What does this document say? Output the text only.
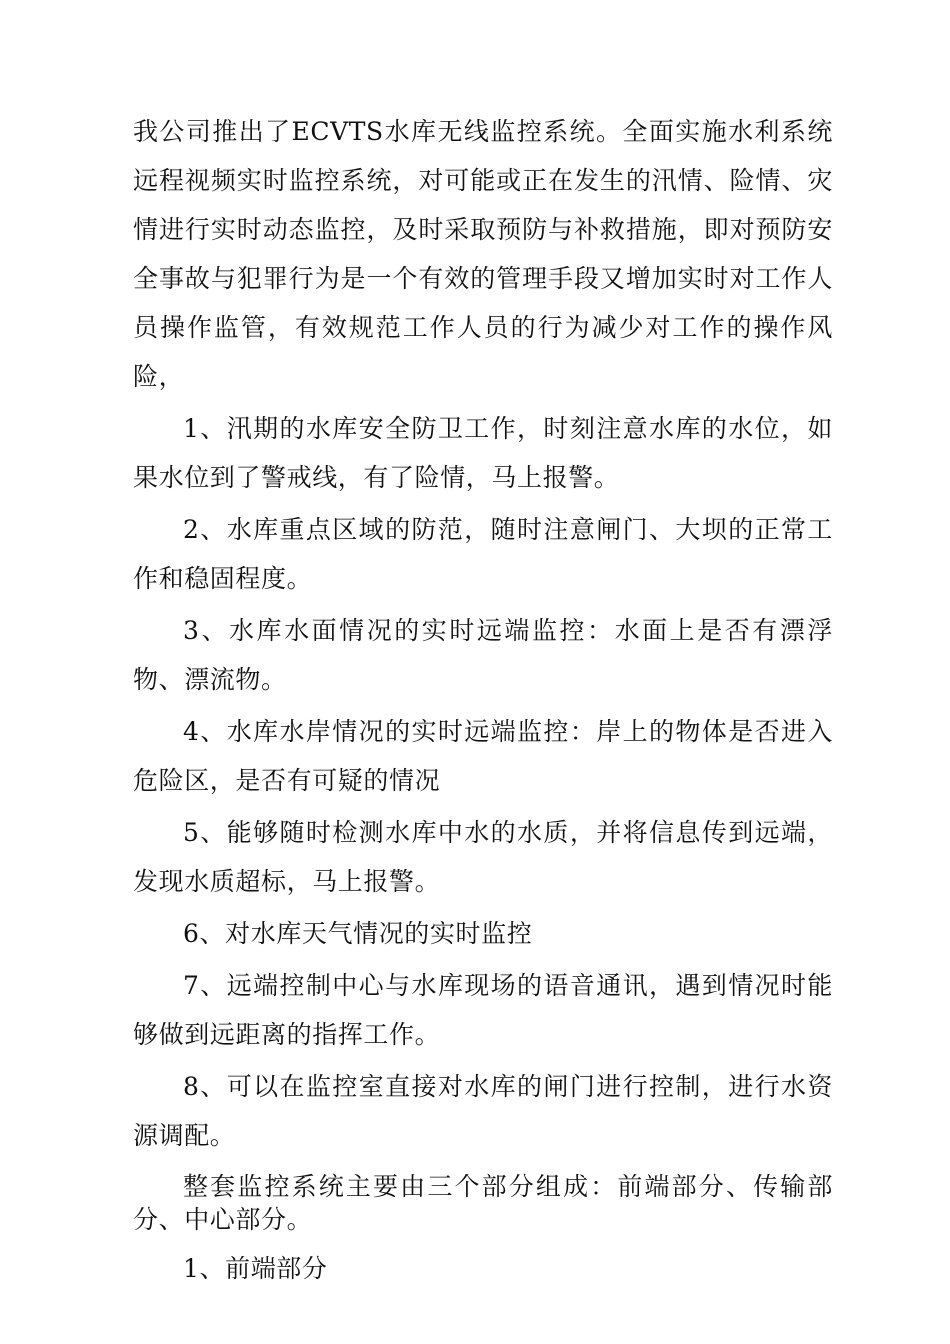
我公司推出了ECVTS水库无线监控系统。全面实施水利系统远程视频实时监控系统，对可能或正在发生的汛情、险情、灾情进行实时动态监控，及时采取预防与补救措施，即对预防安全事故与犯罪行为是一个有效的管理手段又增加实时对工作人员操作监管，有效规范工作人员的行为减少对工作的操作风险，

1、汛期的水库安全防卫工作，时刻注意水库的水位，如果水位到了警戒线，有了险情，马上报警。

2、水库重点区域的防范，随时注意闸门、大坝的正常工作和稳固程度。

3、水库水面情况的实时远端监控：水面上是否有漂浮物、漂流物。

4、水库水岸情况的实时远端监控：岸上的物体是否进入危险区，是否有可疑的情况

5、能够随时检测水库中水的水质，并将信息传到远端，发现水质超标，马上报警。

6、对水库天气情况的实时监控

7、远端控制中心与水库现场的语音通讯，遇到情况时能够做到远距离的指挥工作。

8、可以在监控室直接对水库的闸门进行控制，进行水资源调配。

整套监控系统主要由三个部分组成：前端部分、传输部分、中心部分。

1、前端部分
